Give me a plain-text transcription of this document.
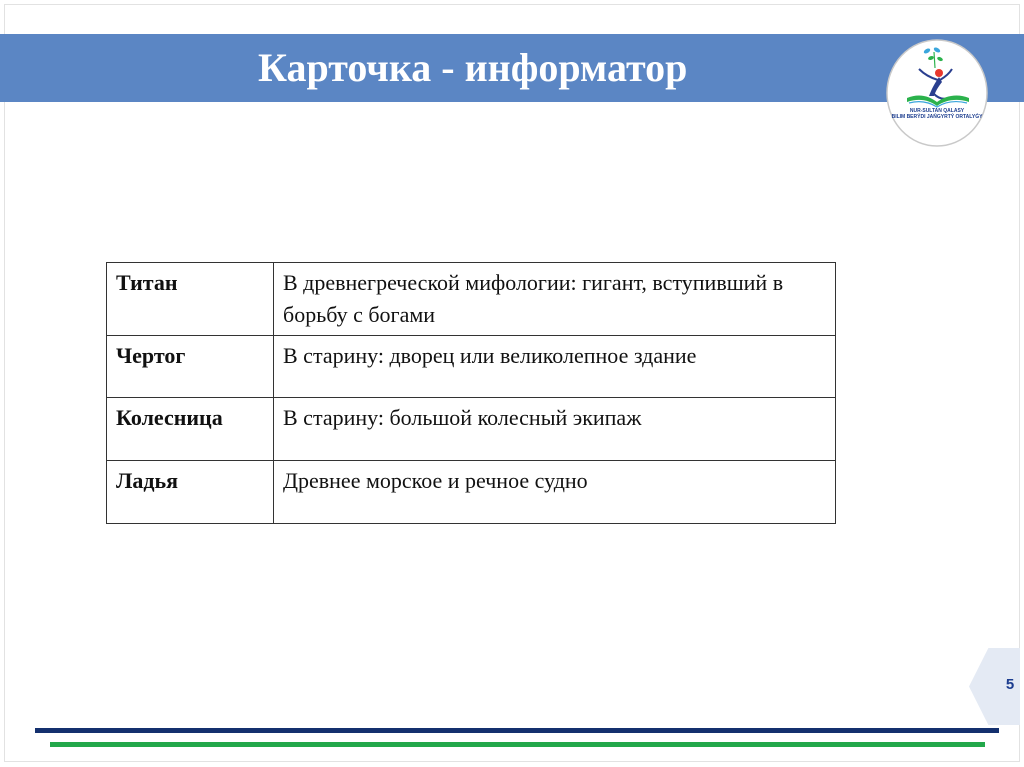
Карточка - информатор
NUR-SULTAN QALASY
BILIM BERÝDI JAŃGYRTÝ ORTALYǴY
Титан	В древнегреческой мифологии: гигант, вступивший в борьбу с богами
Чертог	В старину: дворец или великолепное здание
Колесница	В старину: большой колесный экипаж
Ладья	Древнее морское и речное судно
5
